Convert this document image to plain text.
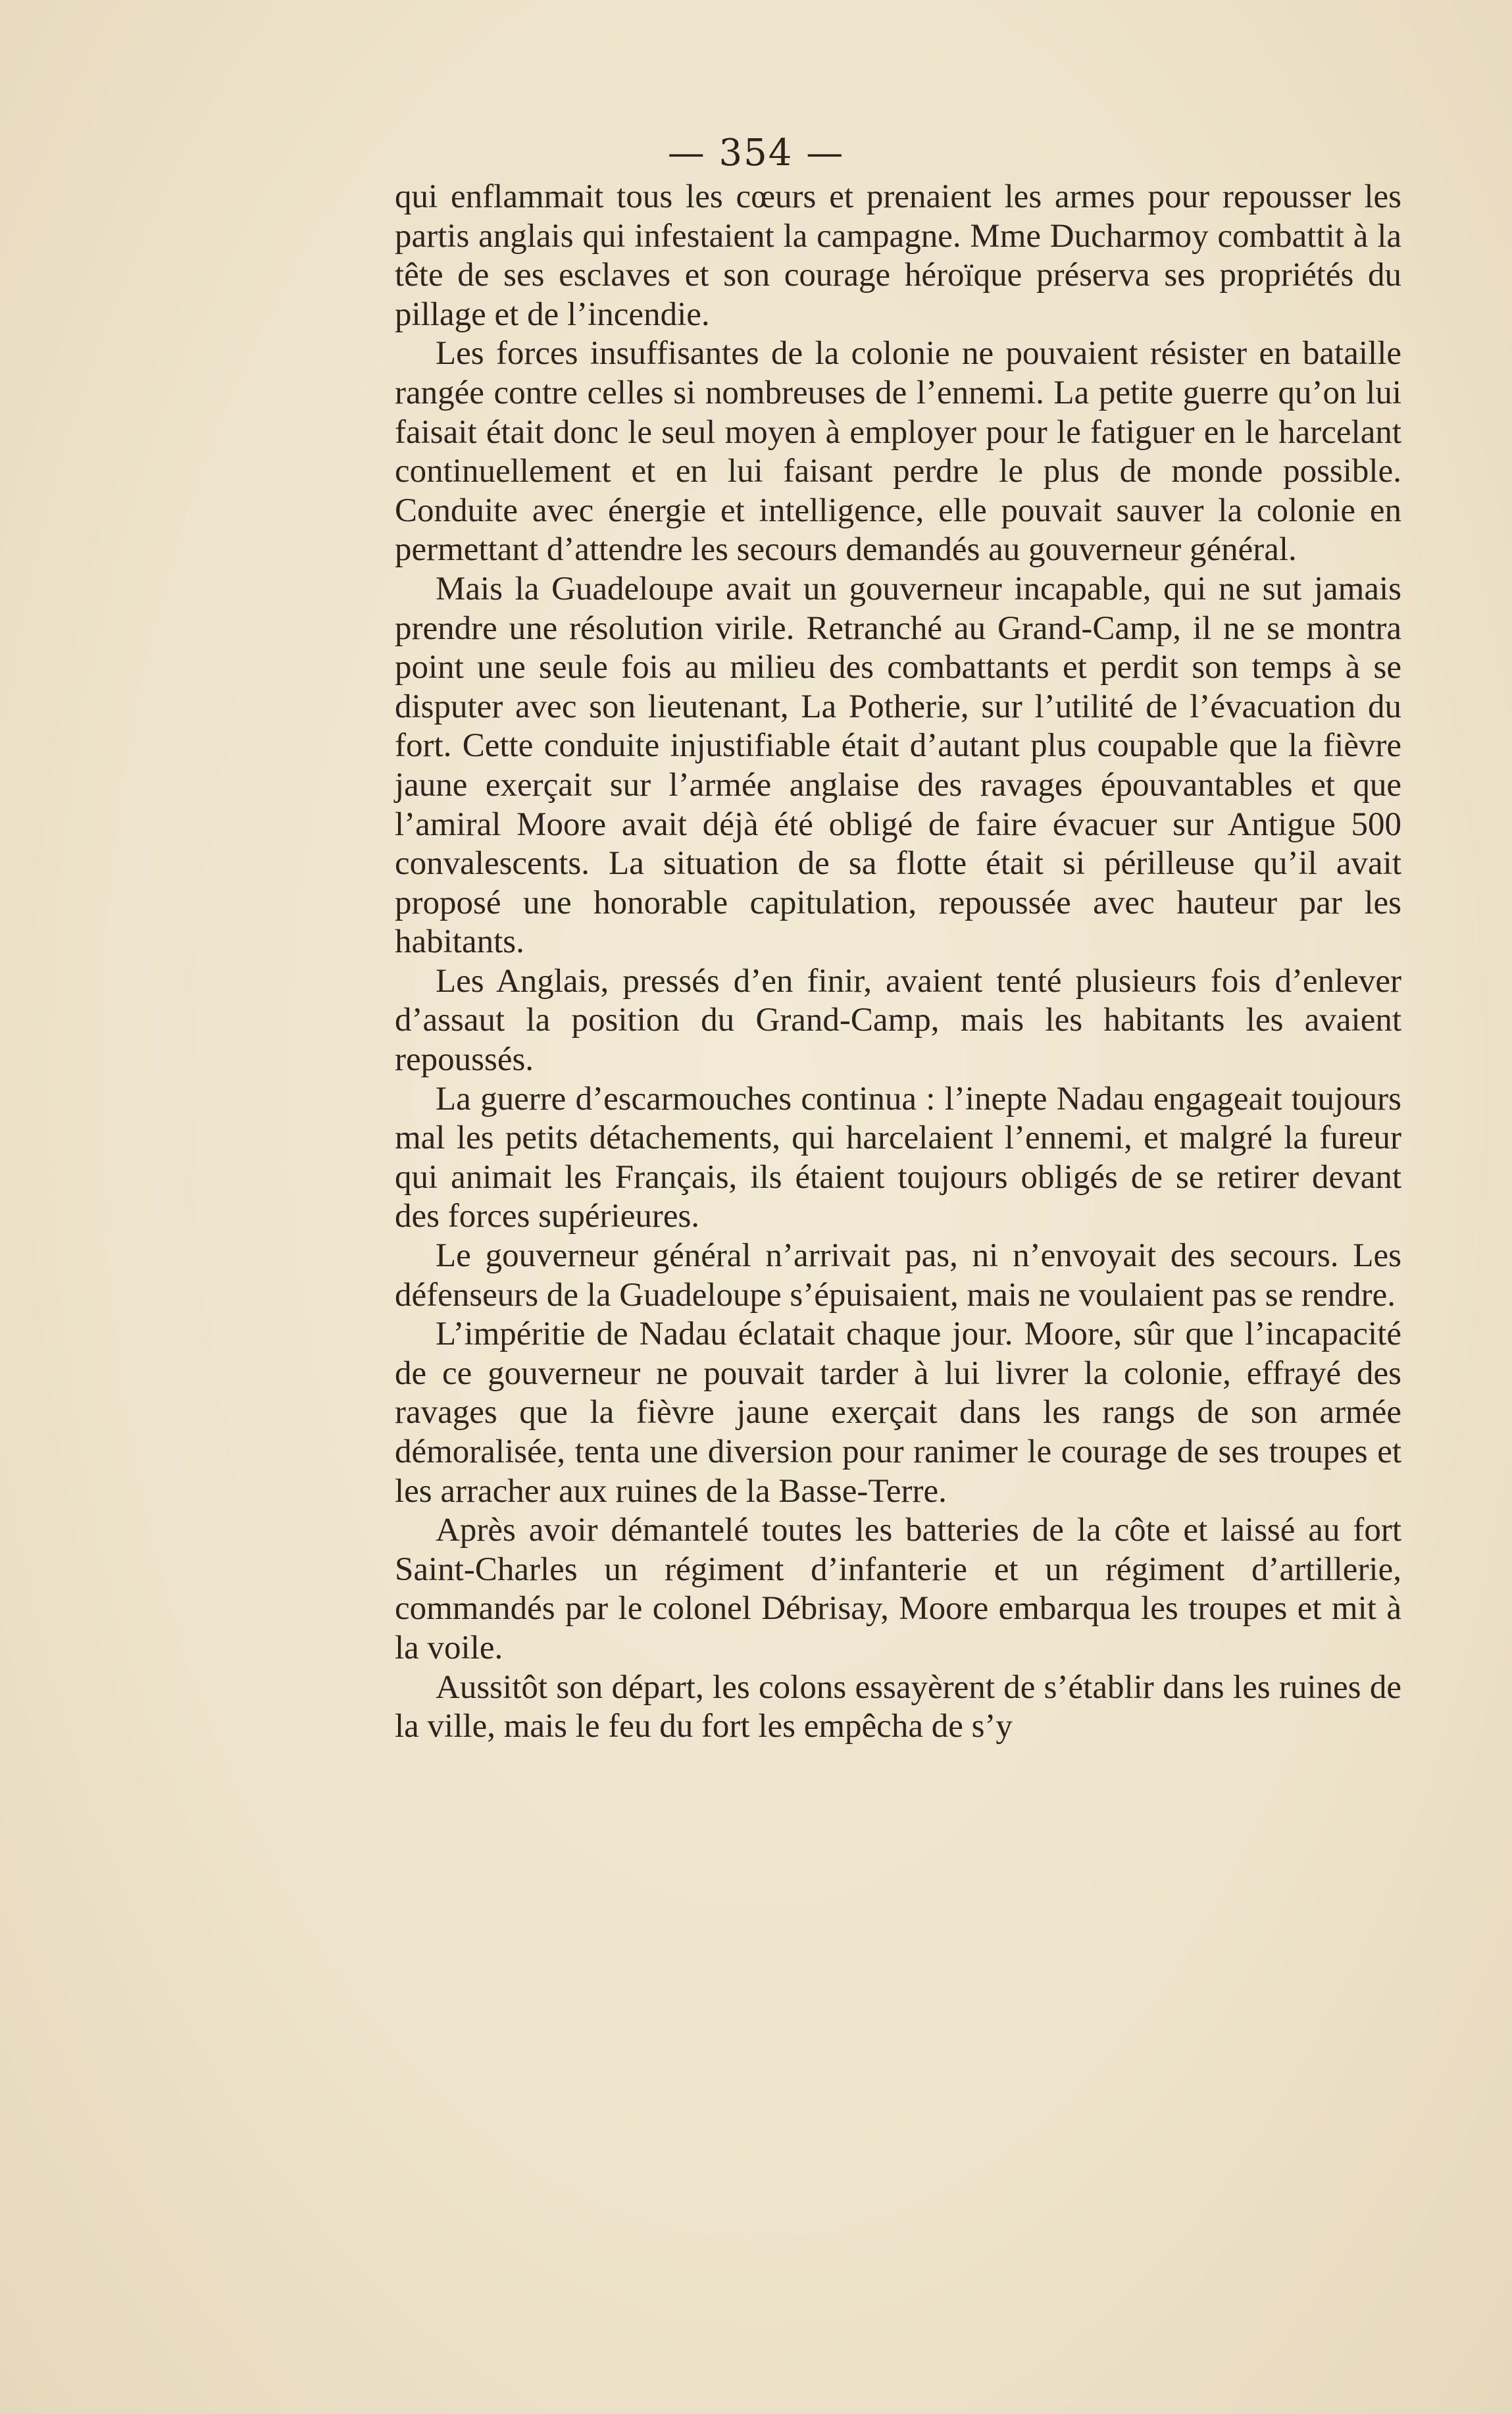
— 354 —

qui enflammait tous les cœurs et prenaient les armes pour repousser les partis anglais qui infestaient la campagne. Mme Ducharmoy combattit à la tête de ses esclaves et son courage héroïque préserva ses propriétés du pillage et de l’incendie.

Les forces insuffisantes de la colonie ne pouvaient résister en bataille rangée contre celles si nombreuses de l’ennemi. La petite guerre qu’on lui faisait était donc le seul moyen à employer pour le fatiguer en le harcelant continuellement et en lui faisant perdre le plus de monde possible. Conduite avec énergie et intelligence, elle pouvait sauver la colonie en permettant d’attendre les secours demandés au gouverneur général.

Mais la Guadeloupe avait un gouverneur incapable, qui ne sut jamais prendre une résolution virile. Retranché au Grand-Camp, il ne se montra point une seule fois au milieu des combattants et perdit son temps à se disputer avec son lieutenant, La Potherie, sur l’utilité de l’évacuation du fort. Cette conduite injustifiable était d’autant plus coupable que la fièvre jaune exerçait sur l’armée anglaise des ravages épouvantables et que l’amiral Moore avait déjà été obligé de faire évacuer sur Antigue 500 convalescents. La situation de sa flotte était si périlleuse qu’il avait proposé une honorable capitulation, repoussée avec hauteur par les habitants.

Les Anglais, pressés d’en finir, avaient tenté plusieurs fois d’enlever d’assaut la position du Grand-Camp, mais les habitants les avaient repoussés.

La guerre d’escarmouches continua : l’inepte Nadau engageait toujours mal les petits détachements, qui harcelaient l’ennemi, et malgré la fureur qui animait les Français, ils étaient toujours obligés de se retirer devant des forces supérieures.

Le gouverneur général n’arrivait pas, ni n’envoyait des secours. Les défenseurs de la Guadeloupe s’épuisaient, mais ne voulaient pas se rendre.

L’impéritie de Nadau éclatait chaque jour. Moore, sûr que l’incapacité de ce gouverneur ne pouvait tarder à lui livrer la colonie, effrayé des ravages que la fièvre jaune exerçait dans les rangs de son armée démoralisée, tenta une diversion pour ranimer le courage de ses troupes et les arracher aux ruines de la Basse-Terre.

Après avoir démantelé toutes les batteries de la côte et laissé au fort Saint-Charles un régiment d’infanterie et un régiment d’artillerie, commandés par le colonel Débrisay, Moore embarqua les troupes et mit à la voile.

Aussitôt son départ, les colons essayèrent de s’établir dans les ruines de la ville, mais le feu du fort les empêcha de s’y
